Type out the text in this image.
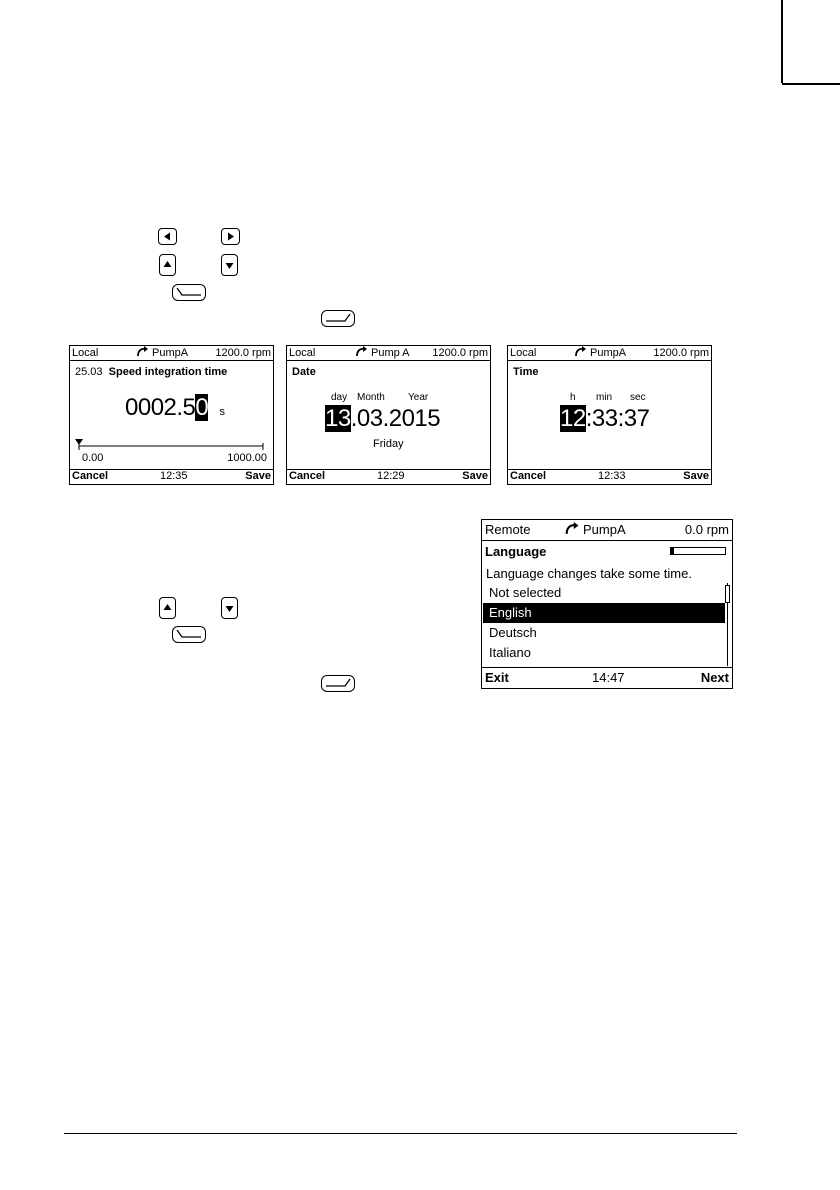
Local	PumpA 1200.0 rpm
25.03 Speed integration time
0002.50 s
0.00	1000.00
Cancel	12:35	Save
Local	Pump A 1200.0 rpm
Date
day Month Year
13.03.2015
Friday
Cancel	12:29	Save
Local	PumpA 1200.0 rpm
Time
h min sec
12:33:37
Cancel	12:33	Save
Remote	PumpA	0.0 rpm
Language
Language changes take some time.
Not selected
English
Deutsch
Italiano
Exit	14:47	Next
